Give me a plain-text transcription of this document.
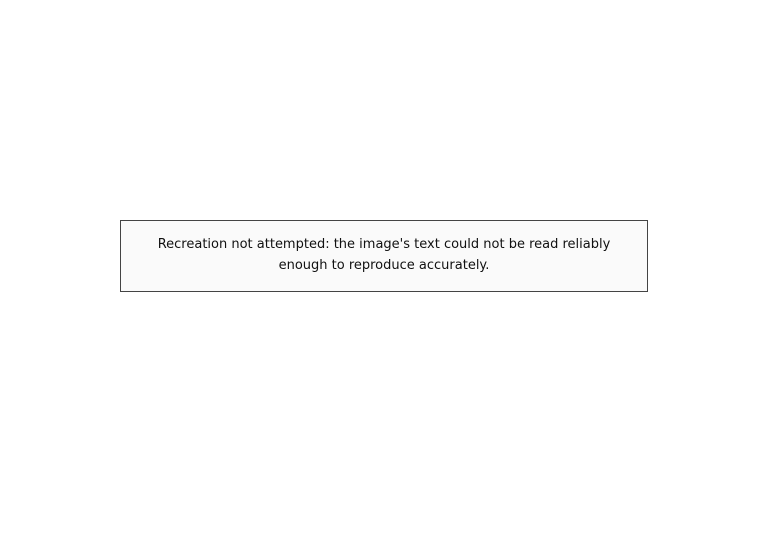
Recreation not attempted: the image's text could not be read reliably enough to reproduce accurately.
